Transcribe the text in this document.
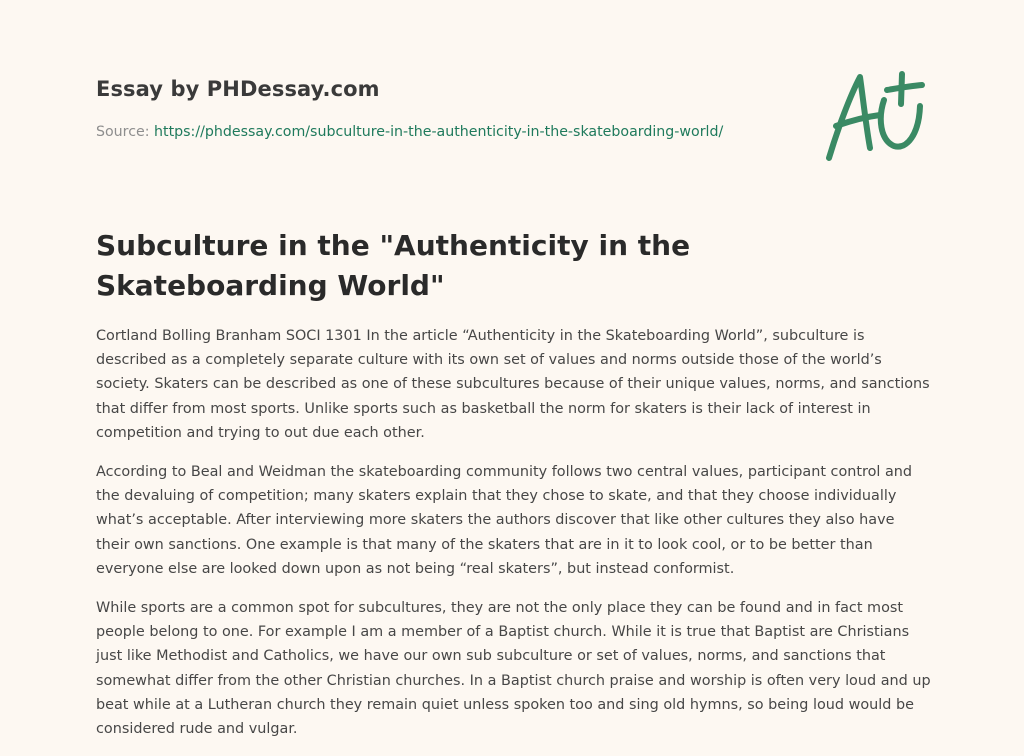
Essay by PHDessay.com
Source: https://phdessay.com/subculture-in-the-authenticity-in-the-skateboarding-world/
Subculture in the "Authenticity in the Skateboarding World"

Cortland Bolling Branham SOCI 1301 In the article “Authenticity in the Skateboarding World”, subculture is described as a completely separate culture with its own set of values and norms outside those of the world’s society. Skaters can be described as one of these subcultures because of their unique values, norms, and sanctions that differ from most sports. Unlike sports such as basketball the norm for skaters is their lack of interest in competition and trying to out due each other.

According to Beal and Weidman the skateboarding community follows two central values, participant control and the devaluing of competition; many skaters explain that they chose to skate, and that they choose individually what’s acceptable. After interviewing more skaters the authors discover that like other cultures they also have their own sanctions. One example is that many of the skaters that are in it to look cool, or to be better than everyone else are looked down upon as not being “real skaters”, but instead conformist.

While sports are a common spot for subcultures, they are not the only place they can be found and in fact most people belong to one. For example I am a member of a Baptist church. While it is true that Baptist are Christians just like Methodist and Catholics, we have our own sub subculture or set of values, norms, and sanctions that somewhat differ from the other Christian churches. In a Baptist church praise and worship is often very loud and up beat while at a Lutheran church they remain quiet unless spoken too and sing old hymns, so being loud would be considered rude and vulgar.
